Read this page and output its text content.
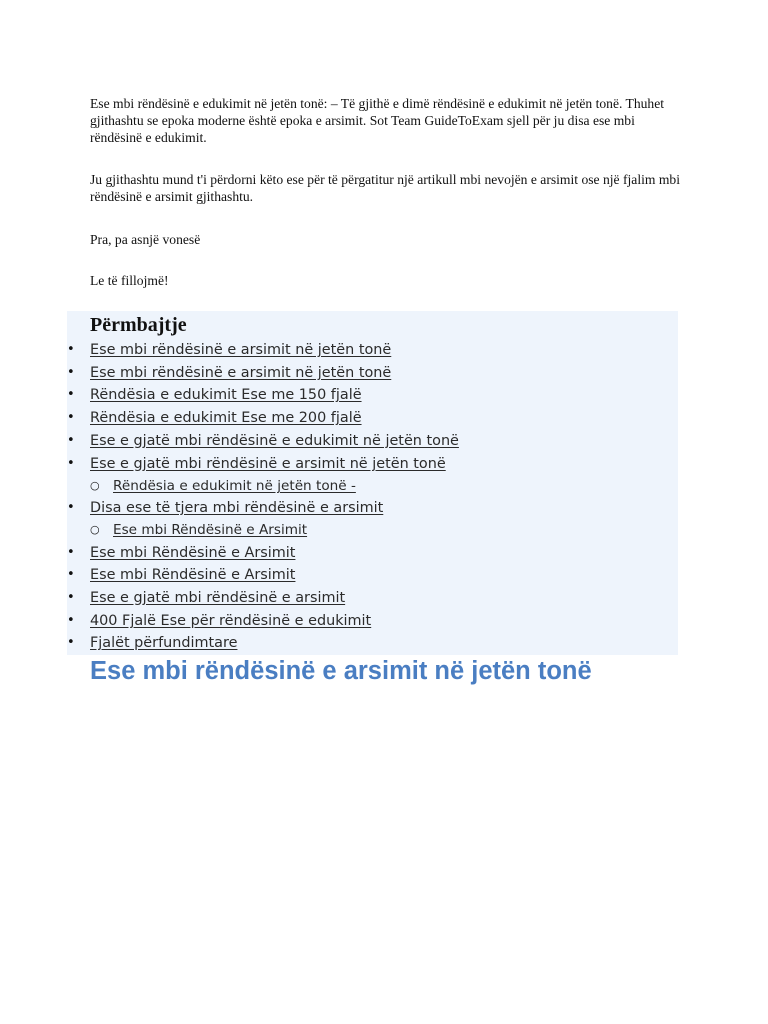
Ese mbi rëndësinë e edukimit në jetën tonë: – Të gjithë e dimë rëndësinë e edukimit në jetën tonë. Thuhet gjithashtu se epoka moderne është epoka e arsimit. Sot Team GuideToExam sjell për ju disa ese mbi rëndësinë e edukimit.

Ju gjithashtu mund t'i përdorni këto ese për të përgatitur një artikull mbi nevojën e arsimit ose një fjalim mbi rëndësinë e arsimit gjithashtu.

Pra, pa asnjë vonesë

Le të fillojmë!

Përmbajtje
• Ese mbi rëndësinë e arsimit në jetën tonë
• Ese mbi rëndësinë e arsimit në jetën tonë
• Rëndësia e edukimit Ese me 150 fjalë
• Rëndësia e edukimit Ese me 200 fjalë
• Ese e gjatë mbi rëndësinë e edukimit në jetën tonë
• Ese e gjatë mbi rëndësinë e arsimit në jetën tonë
○ Rëndësia e edukimit në jetën tonë -
• Disa ese të tjera mbi rëndësinë e arsimit
○ Ese mbi Rëndësinë e Arsimit
• Ese mbi Rëndësinë e Arsimit
• Ese mbi Rëndësinë e Arsimit
• Ese e gjatë mbi rëndësinë e arsimit
• 400 Fjalë Ese për rëndësinë e edukimit
• Fjalët përfundimtare
Ese mbi rëndësinë e arsimit në jetën tonë
